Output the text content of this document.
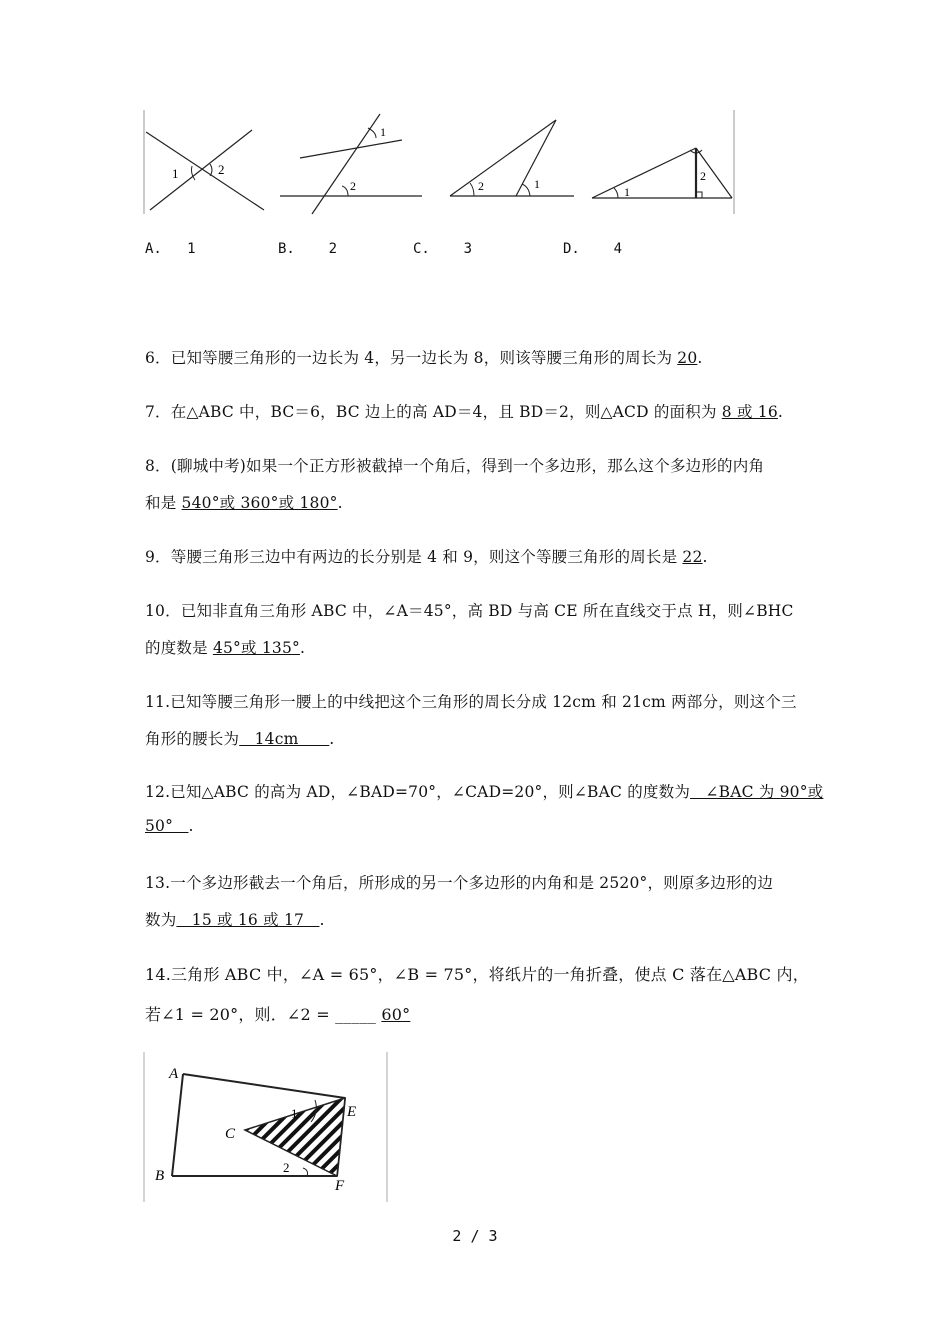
1	2
1
2	2	1
1
2
A. 1	B. 2	C. 3	D. 4
6．已知等腰三角形的一边长为 4，另一边长为 8，则该等腰三角形的周长为 20.
7．在△ABC 中，BC＝6，BC 边上的高 AD＝4，且 BD＝2，则△ACD 的面积为 8 或 16.
8．(聊城中考)如果一个正方形被截掉一个角后，得到一个多边形，那么这个多边形的内角
和是 540°或 360°或 180°.
9．等腰三角形三边中有两边的长分别是 4 和 9，则这个等腰三角形的周长是 22.
10．已知非直角三角形 ABC 中，∠A＝45°，高 BD 与高 CE 所在直线交于点 H，则∠BHC
的度数是 45°或 135°.
11.已知等腰三角形一腰上的中线把这个三角形的周长分成 12cm 和 21cm 两部分，则这个三
角形的腰长为   14cm      .
12.已知△ABC 的高为 AD，∠BAD=70°，∠CAD=20°，则∠BAC 的度数为   ∠BAC 为 90°或
50°   .
13.一个多边形截去一个角后，所形成的另一个多边形的内角和是 2520°，则原多边形的边
数为   15 或 16 或 17   .
14.三角形 ABC 中，∠A = 65°，∠B = 75°，将纸片的一角折叠，使点 C 落在△ABC 内，
若∠1 = 20°，则．∠2 = _____ 60°
A
B
C
E
F
1
2
2 / 3
